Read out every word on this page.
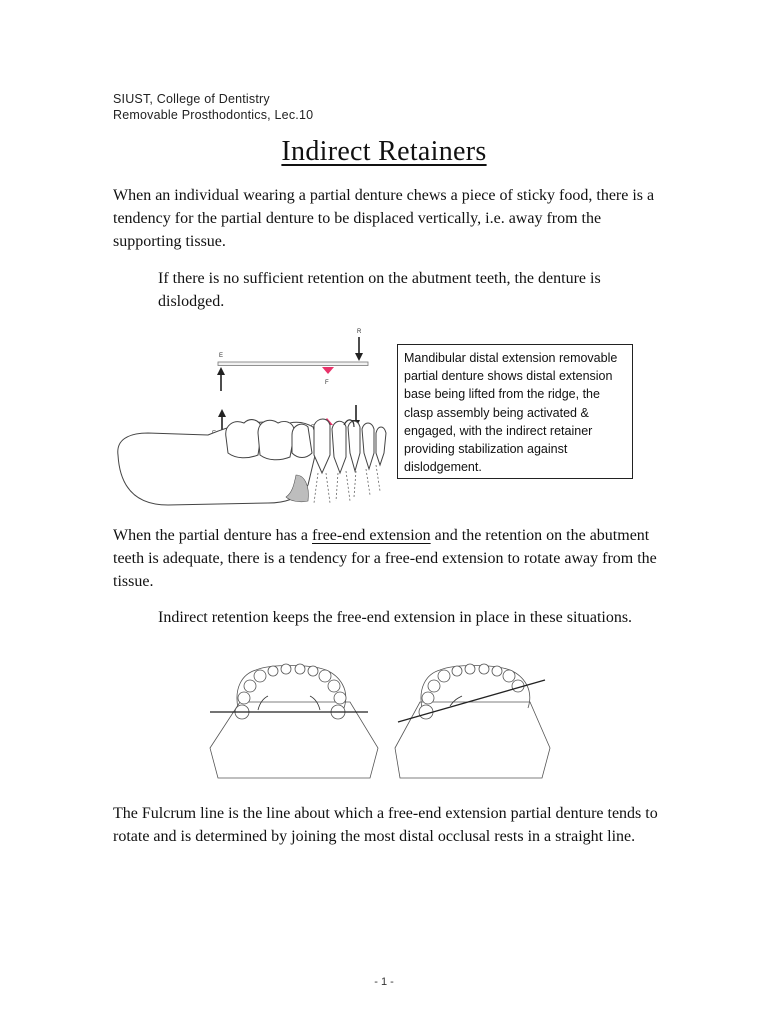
SIUST, College of Dentistry
Removable Prosthodontics, Lec.10
Indirect Retainers

When an individual wearing a partial denture chews a piece of sticky food, there is a tendency for the partial denture to be displaced vertically, i.e. away from the supporting tissue.

If there is no sufficient retention on the abutment teeth, the denture is dislodged.

R
E
F
Mandibular distal extension removable partial denture shows distal extension base being lifted from the ridge, the clasp assembly being activated & engaged, with the indirect retainer providing stabilization against dislodgement.

When the partial denture has a free-end extension and the retention on the abutment teeth is adequate, there is a tendency for a free-end extension to rotate away from the tissue.

Indirect retention keeps the free-end extension in place in these situations.

The Fulcrum line is the line about which a free-end extension partial denture tends to rotate and is determined by joining the most distal occlusal rests in a straight line.

- 1 -
